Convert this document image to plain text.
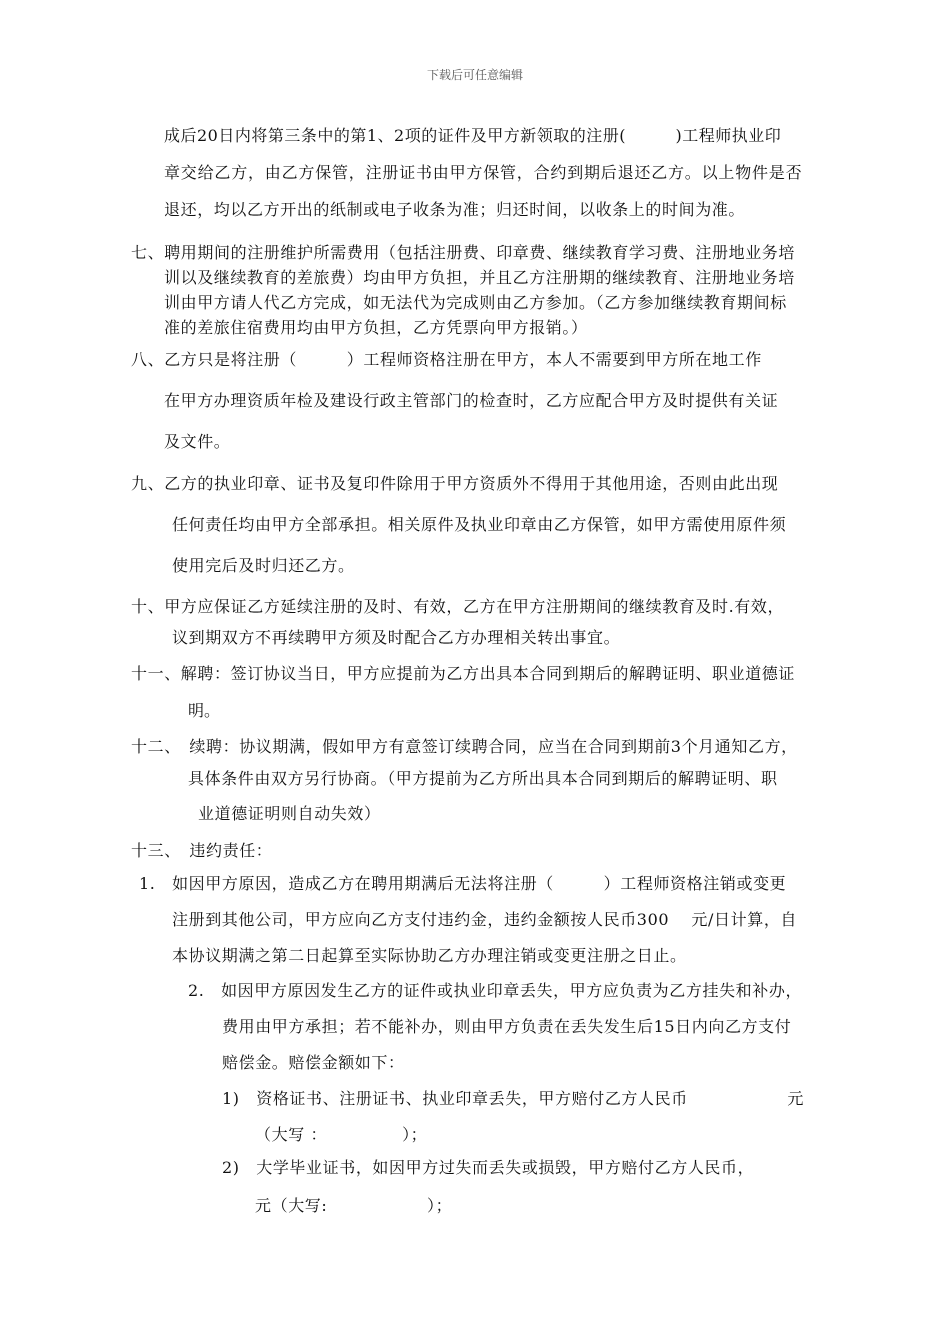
下载后可任意编辑
成后20日内将第三条中的第1、2项的证件及甲方新领取的注册(　　　)工程师执业印
章交给乙方，由乙方保管，注册证书由甲方保管，合约到期后退还乙方。以上物件是否
退还，均以乙方开出的纸制或电子收条为准；归还时间，以收条上的时间为准。
七、聘用期间的注册维护所需费用（包括注册费、印章费、继续教育学习费、注册地业务培
训以及继续教育的差旅费）均由甲方负担，并且乙方注册期的继续教育、注册地业务培
训由甲方请人代乙方完成，如无法代为完成则由乙方参加。（乙方参加继续教育期间标
准的差旅住宿费用均由甲方负担，乙方凭票向甲方报销。）
八、乙方只是将注册（　　　）工程师资格注册在甲方，本人不需要到甲方所在地工作
在甲方办理资质年检及建设行政主管部门的检查时，乙方应配合甲方及时提供有关证
及文件。
九、乙方的执业印章、证书及复印件除用于甲方资质外不得用于其他用途，否则由此出现
任何责任均由甲方全部承担。相关原件及执业印章由乙方保管，如甲方需使用原件须
使用完后及时归还乙方。
十、甲方应保证乙方延续注册的及时、有效，乙方在甲方注册期间的继续教育及时.有效，
议到期双方不再续聘甲方须及时配合乙方办理相关转出事宜。
十一、解聘：签订协议当日，甲方应提前为乙方出具本合同到期后的解聘证明、职业道德证
明。
十二、　续聘：协议期满，假如甲方有意签订续聘合同，应当在合同到期前3个月通知乙方，
具体条件由双方另行协商。（甲方提前为乙方所出具本合同到期后的解聘证明、职
业道德证明则自动失效）
十三、　违约责任：
1.　如因甲方原因，造成乙方在聘用期满后无法将注册（　　　）工程师资格注销或变更
注册到其他公司，甲方应向乙方支付违约金，违约金额按人民币300　 元/日计算，自
本协议期满之第二日起算至实际协助乙方办理注销或变更注册之日止。
2.　如因甲方原因发生乙方的证件或执业印章丢失，甲方应负责为乙方挂失和补办，
费用由甲方承担；若不能补办，则由甲方负责在丢失发生后15日内向乙方支付
赔偿金。赔偿金额如下：
1)　资格证书、注册证书、执业印章丢失，甲方赔付乙方人民币　　　　　　元
（大写 ：　　　　　）；
2)　大学毕业证书，如因甲方过失而丢失或损毁，甲方赔付乙方人民币，
元（大写:　　　　　　）；
